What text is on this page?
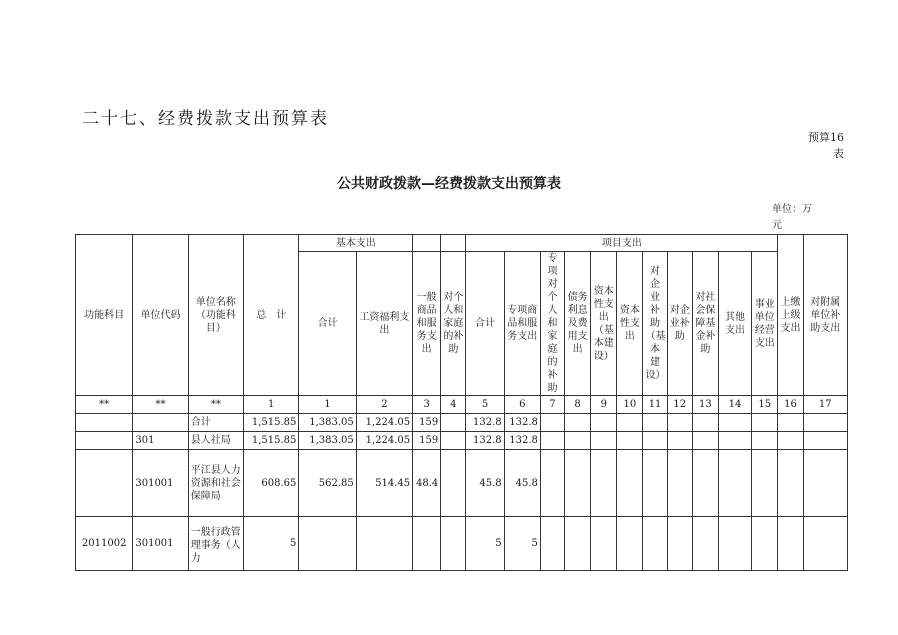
二十七、经费拨款支出预算表
预算16表
公共财政拨款—经费拨款支出预算表
单位：万元
功能科目	单位代码	单位名称（功能科目）	总　计	基本支出				项目支出											上缴上级支出	对附属单位补助支出
				合计	工资福利支出	一般商品和服务支出	对个人和家庭的补助	合计	专项商品和服务支出	专项对个人和家庭的补助	债务利息及费用支出	资本性支出（基本建设）	资本性支出	对企业补助（基本建设）	对企业补助	对社会保障基金补助	其他支出	事业单位经营支出		
**	**	**	1	1	2	3	4	5	6	7	8	9	10	11	12	13	14	15	16	17
		合计	1,515.85	1,383.05	1,224.05	159		132.8	132.8											
	301	县人社局	1,515.85	1,383.05	1,224.05	159		132.8	132.8											
	301001	平江县人力资源和社会保障局	608.65	562.85	514.45	48.4		45.8	45.8											
2011002	301001	一般行政管理事务（人力	5					5	5											
